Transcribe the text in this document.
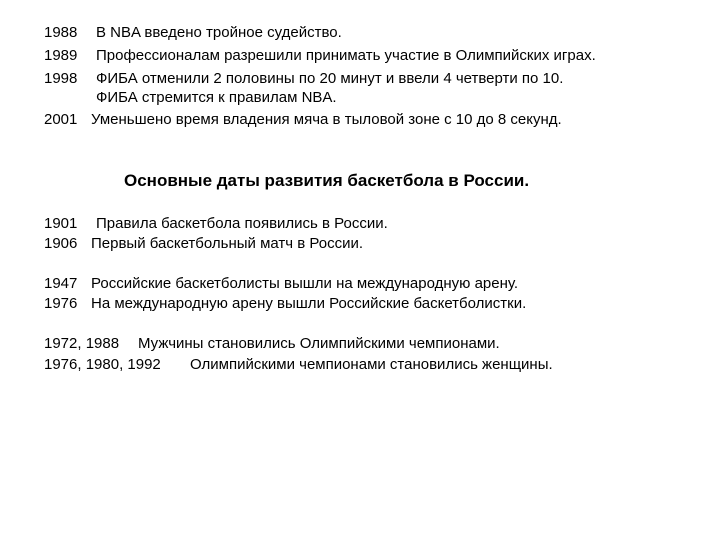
1988 В NBA введено тройное судейство.
1989 Профессионалам разрешили принимать участие в Олимпийских играх.
1998 ФИБА отменили 2 половины по 20 минут и ввели 4 четверти по 10.
ФИБА стремится к правилам NBA.
2001 Уменьшено время владения мяча в тыловой зоне с 10 до 8 секунд.
Основные даты развития баскетбола в России.
1901 Правила баскетбола появились в России.
1906 Первый баскетбольный матч в России.
1947 Российские баскетболисты вышли на международную арену.
1976 На международную арену вышли Российские баскетболистки.
1972, 1988 Мужчины становились Олимпийскими чемпионами.
1976, 1980, 1992 Олимпийскими чемпионами становились женщины.
